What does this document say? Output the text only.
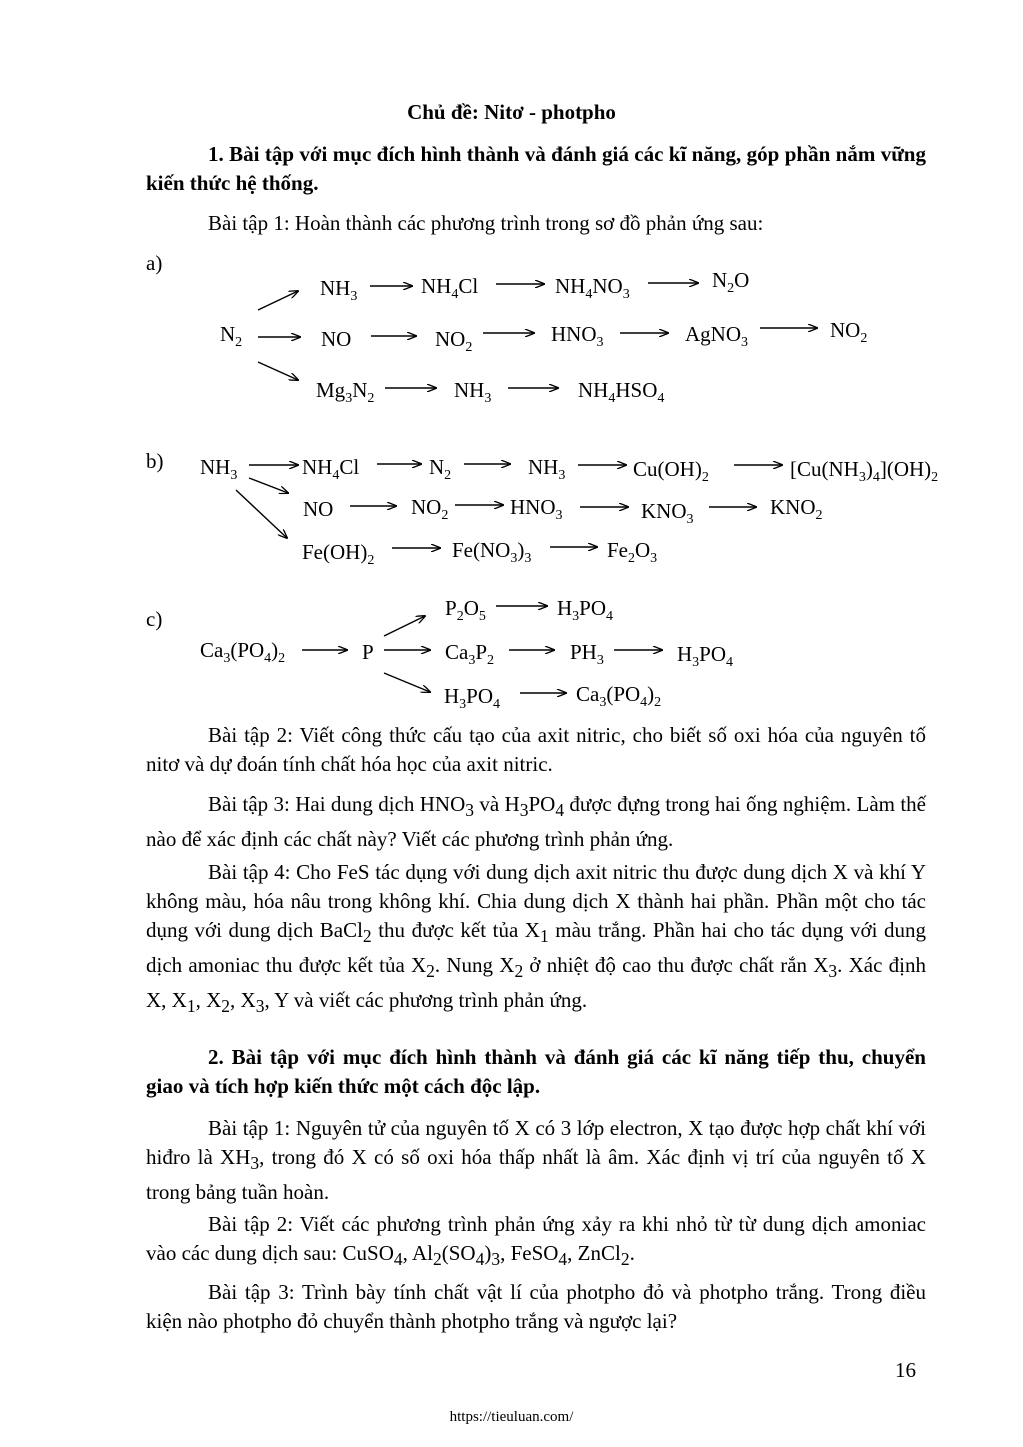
Chủ đề: Nitơ - photpho
1. Bài tập với mục đích hình thành và đánh giá các kĩ năng, góp phần nắm vững kiến thức hệ thống.
Bài tập 1: Hoàn thành các phương trình trong sơ đồ phản ứng sau:
a)
b)
c)
$N_2$
$NH_3$	$NH_4Cl$	$NH_4NO_3$
$N_2O$
NO	$NO_2$
$HNO_3$	AgNO$_3$
$NO_2$
$Mg_3N_2$	$NH_3$	$NH_4HSO_4$
$NH_3$	$NH_4Cl$	$N_2$	$NH_3$	$Cu(OH)_2$	$[Cu(NH_3)_4](OH)_2$
NO	$NO_2$	$HNO_3$	$KNO_3$
$KNO_2$
$Fe(OH)_2$	$Fe(NO_3)_3$	$Fe_2O_3$
$P_2O_5$	$H_3PO_4$
$Ca_3(PO_4)_2$	P	$Ca_3P_2$	$PH_3$	$H_3PO_4$
$H_3PO_4$	$Ca_3(PO_4)_2$
Bài tập 2: Viết công thức cấu tạo của axit nitric, cho biết số oxi hóa của nguyên tố nitơ và dự đoán tính chất hóa học của axit nitric.
Bài tập 3: Hai dung dịch $HNO_3$ và $H_3PO_4$ được đựng trong hai ống nghiệm. Làm thế nào để xác định các chất này? Viết các phương trình phản ứng.
Bài tập 4: Cho FeS tác dụng với dung dịch axit nitric thu được dung dịch X và khí Y không màu, hóa nâu trong không khí. Chia dung dịch X thành hai phần. Phần một cho tác dụng với dung dịch BaCl$_2$ thu được kết tủa $X_1$ màu trắng. Phần hai cho tác dụng với dung dịch amoniac thu được kết tủa $X_2$. Nung $X_2$ ở nhiệt độ cao thu được chất rắn $X_3$. Xác định X, $X_1$, $X_2$, $X_3$, Y và viết các phương trình phản ứng.
2. Bài tập với mục đích hình thành và đánh giá các kĩ năng tiếp thu, chuyển giao và tích hợp kiến thức một cách độc lập.
Bài tập 1: Nguyên tử của nguyên tố X có 3 lớp electron, X tạo được hợp chất khí với hiđro là $XH_3$, trong đó X có số oxi hóa thấp nhất là âm. Xác định vị trí của nguyên tố X trong bảng tuần hoàn.
Bài tập 2: Viết các phương trình phản ứng xảy ra khi nhỏ từ từ dung dịch amoniac vào các dung dịch sau: CuSO$_4$, $Al_2(SO_4)_3$, FeSO$_4$, ZnCl$_2$.
Bài tập 3: Trình bày tính chất vật lí của photpho đỏ và photpho trắng. Trong điều kiện nào photpho đỏ chuyển thành photpho trắng và ngược lại?
16
https://tieuluan.com/
